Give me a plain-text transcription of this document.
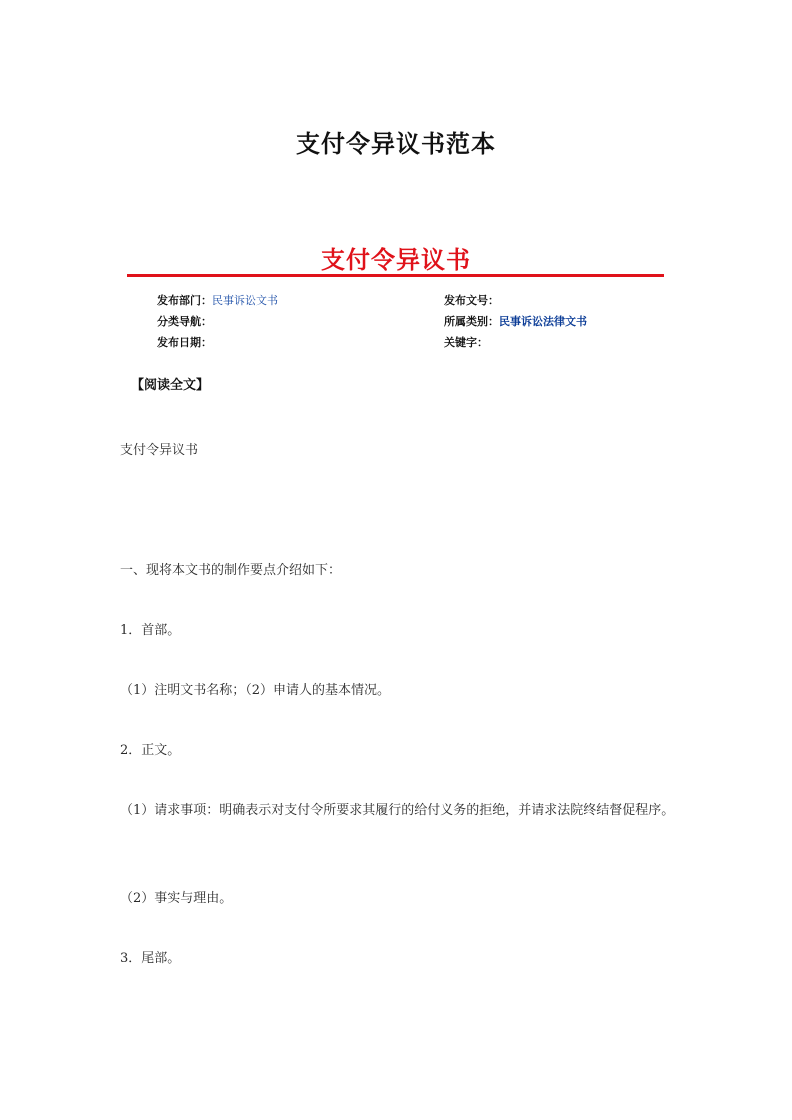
支付令异议书范本
支付令异议书
发布部门：民事诉讼文书	发布文号：
分类导航：	所属类别：民事诉讼法律文书
发布日期：	关键字：
【阅读全文】
支付令异议书
一、现将本文书的制作要点介绍如下：
1．首部。
（1）注明文书名称；（2）申请人的基本情况。
2．正文。
（1）请求事项：明确表示对支付令所要求其履行的给付义务的拒绝，并请求法院终结督促程序。
（2）事实与理由。
3．尾部。
